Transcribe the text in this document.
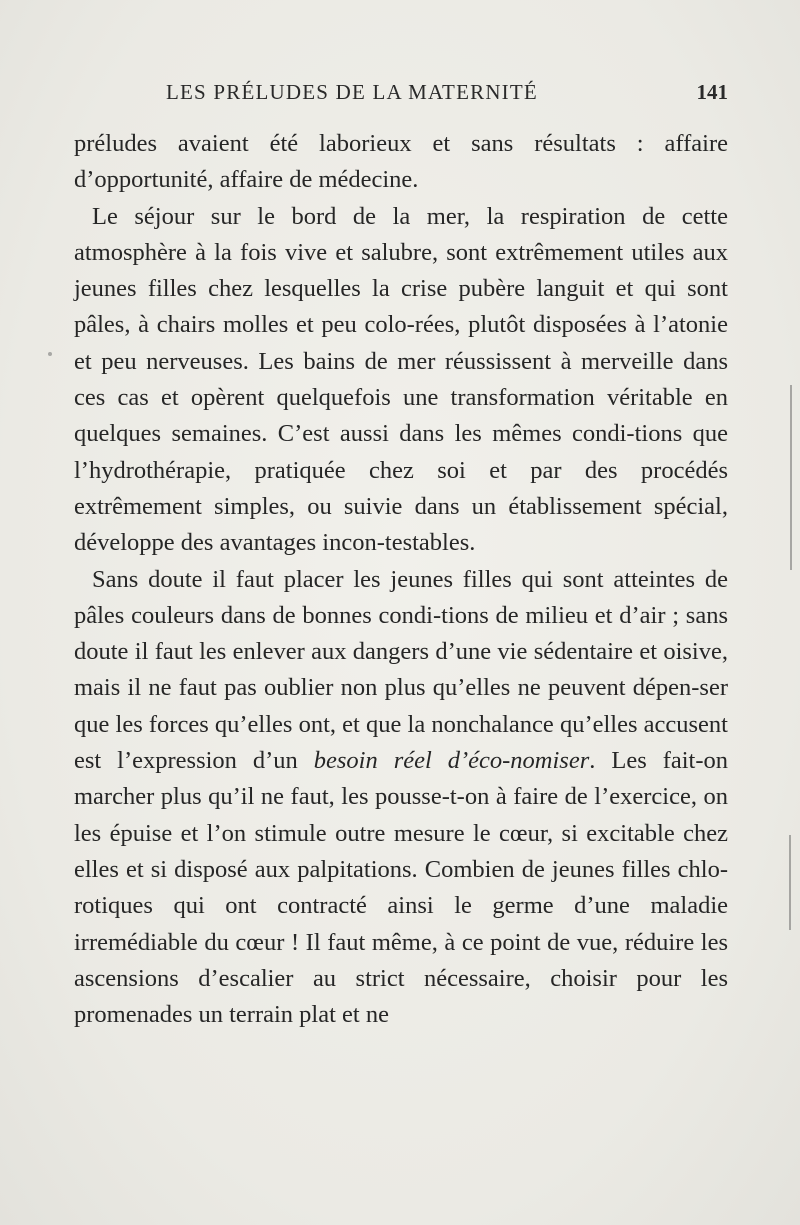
LES PRÉLUDES DE LA MATERNITÉ	141

préludes avaient été laborieux et sans résultats : affaire d’opportunité, affaire de médecine.

Le séjour sur le bord de la mer, la respiration de cette atmosphère à la fois vive et salubre, sont extrêmement utiles aux jeunes filles chez lesquelles la crise pubère languit et qui sont pâles, à chairs molles et peu colo-rées, plutôt disposées à l’atonie et peu nerveuses. Les bains de mer réussissent à merveille dans ces cas et opèrent quelquefois une transformation véritable en quelques semaines. C’est aussi dans les mêmes condi-tions que l’hydrothérapie, pratiquée chez soi et par des procédés extrêmement simples, ou suivie dans un établissement spécial, développe des avantages incon-testables.

Sans doute il faut placer les jeunes filles qui sont atteintes de pâles couleurs dans de bonnes condi-tions de milieu et d’air ; sans doute il faut les enlever aux dangers d’une vie sédentaire et oisive, mais il ne faut pas oublier non plus qu’elles ne peuvent dépen-ser que les forces qu’elles ont, et que la nonchalance qu’elles accusent est l’expression d’un besoin réel d’éco-nomiser. Les fait-on marcher plus qu’il ne faut, les pousse-t-on à faire de l’exercice, on les épuise et l’on stimule outre mesure le cœur, si excitable chez elles et si disposé aux palpitations. Combien de jeunes filles chlo-rotiques qui ont contracté ainsi le germe d’une maladie irremédiable du cœur ! Il faut même, à ce point de vue, réduire les ascensions d’escalier au strict nécessaire, choisir pour les promenades un terrain plat et ne
